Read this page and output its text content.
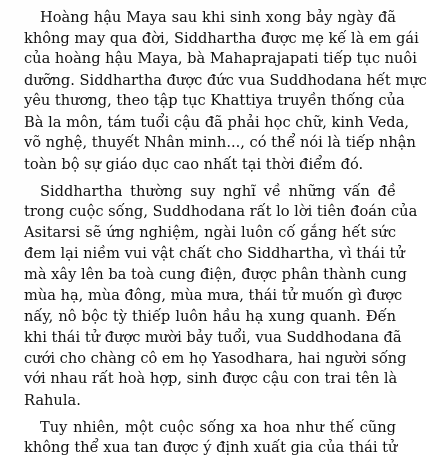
Hoàng hậu Maya sau khi sinh xong bảy ngày đã
không may qua đời, Siddhartha được mẹ kế là em gái
của hoàng hậu Maya, bà Mahaprajapati tiếp tục nuôi
dưỡng. Siddhartha được đức vua Suddhodana hết mực
yêu thương, theo tập tục Khattiya truyền thống của
Bà la môn, tám tuổi cậu đã phải học chữ, kinh Veda,
võ nghệ, thuyết Nhân minh..., có thể nói là tiếp nhận
toàn bộ sự giáo dục cao nhất tại thời điểm đó.
Siddhartha thường suy nghĩ về những vấn đề
trong cuộc sống, Suddhodana rất lo lời tiên đoán của
Asitarsi sẽ ứng nghiệm, ngài luôn cố gắng hết sức
đem lại niềm vui vật chất cho Siddhartha, vì thái tử
mà xây lên ba toà cung điện, được phân thành cung
mùa hạ, mùa đông, mùa mưa, thái tử muốn gì được
nấy, nô bộc tỳ thiếp luôn hầu hạ xung quanh. Đến
khi thái tử được mười bảy tuổi, vua Suddhodana đã
cưới cho chàng cô em họ Yasodhara, hai người sống
với nhau rất hoà hợp, sinh được cậu con trai tên là
Rahula.
Tuy nhiên, một cuộc sống xa hoa như thế cũng
không thể xua tan được ý định xuất gia của thái tử
